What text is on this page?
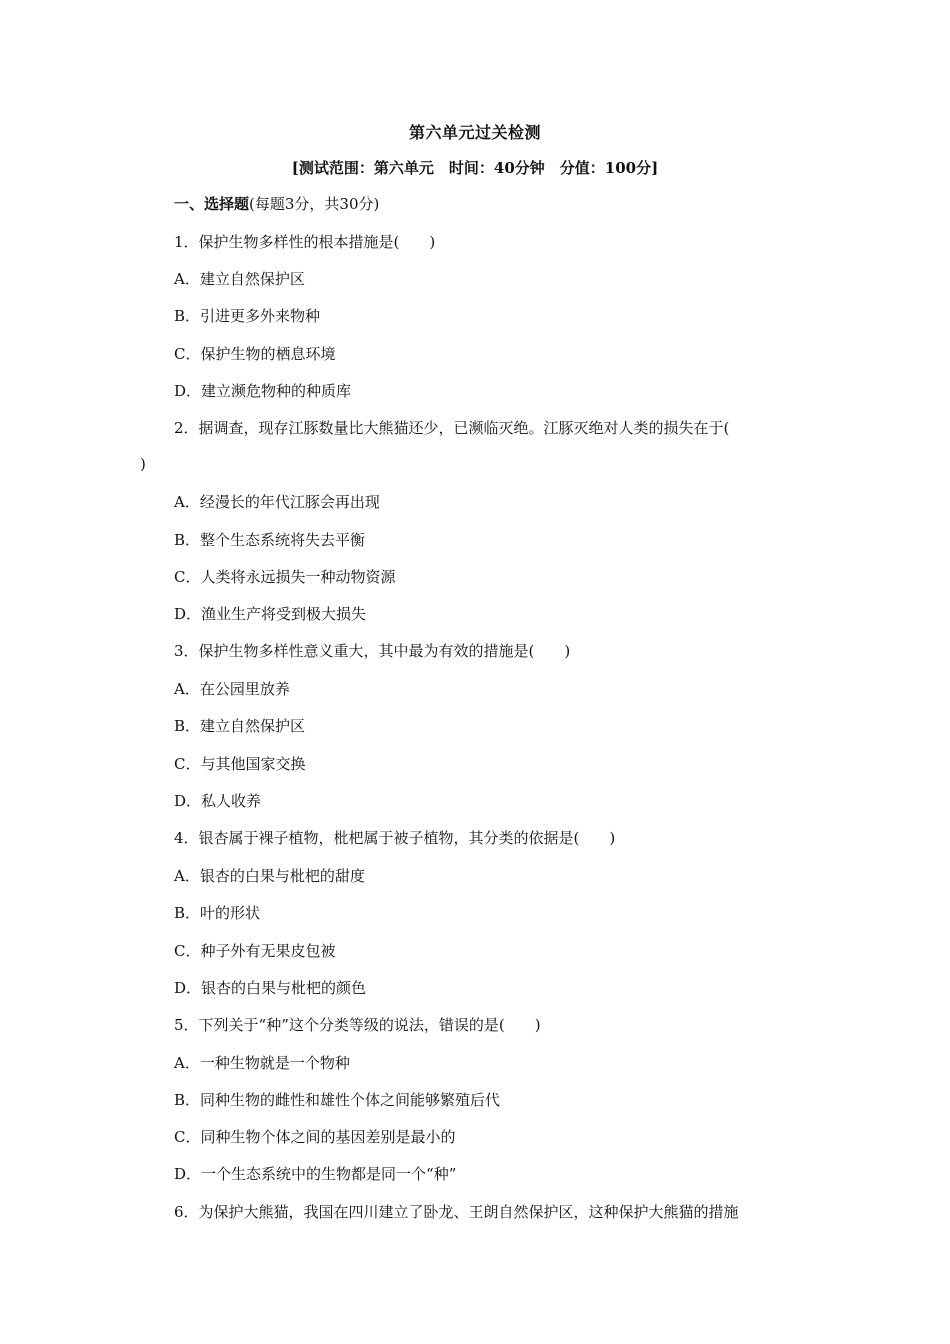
第六单元过关检测
[测试范围：第六单元　时间：40分钟　分值：100分]
一、选择题(每题3分，共30分)
1．保护生物多样性的根本措施是(　　)
A．建立自然保护区
B．引进更多外来物种
C．保护生物的栖息环境
D．建立濒危物种的种质库
2．据调查，现存江豚数量比大熊猫还少，已濒临灭绝。江豚灭绝对人类的损失在于(
)
A．经漫长的年代江豚会再出现
B．整个生态系统将失去平衡
C．人类将永远损失一种动物资源
D．渔业生产将受到极大损失
3．保护生物多样性意义重大，其中最为有效的措施是(　　)
A．在公园里放养
B．建立自然保护区
C．与其他国家交换
D．私人收养
4．银杏属于裸子植物，枇杷属于被子植物，其分类的依据是(　　)
A．银杏的白果与枇杷的甜度
B．叶的形状
C．种子外有无果皮包被
D．银杏的白果与枇杷的颜色
5．下列关于“种”这个分类等级的说法，错误的是(　　)
A．一种生物就是一个物种
B．同种生物的雌性和雄性个体之间能够繁殖后代
C．同种生物个体之间的基因差别是最小的
D．一个生态系统中的生物都是同一个“种”
6．为保护大熊猫，我国在四川建立了卧龙、王朗自然保护区，这种保护大熊猫的措施
